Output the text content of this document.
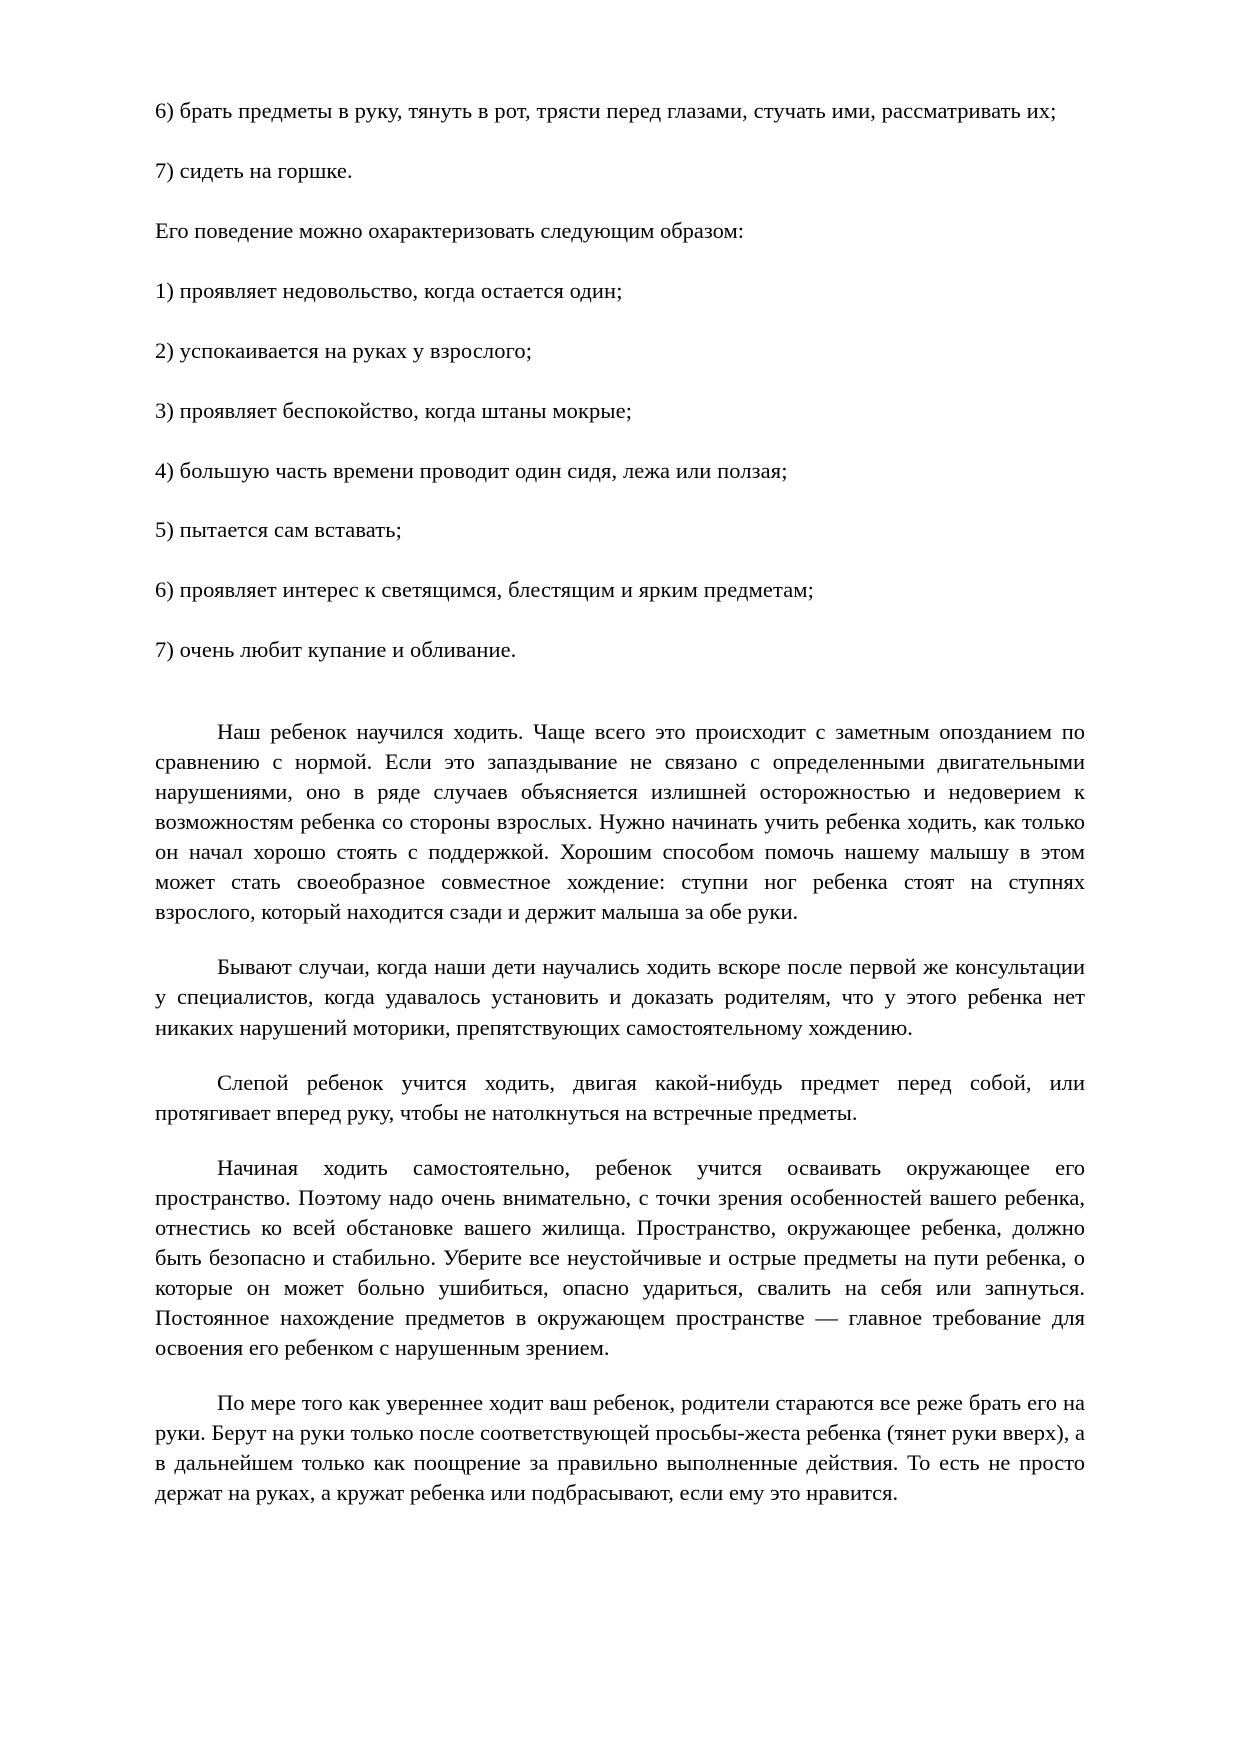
6) брать предметы в руку, тянуть в рот, трясти перед глазами, стучать ими, рассматривать их;

7) сидеть на горшке.

Его поведение можно охарактеризовать следующим образом:

1) проявляет недовольство, когда остается один;

2) успокаивается на руках у взрослого;

3) проявляет беспокойство, когда штаны мокрые;

4) большую часть времени проводит один сидя, лежа или ползая;

5) пытается сам вставать;

6) проявляет интерес к светящимся, блестящим и ярким предметам;

7) очень любит купание и обливание.

Наш ребенок научился ходить. Чаще всего это происходит с заметным опозданием по сравнению с нормой. Если это запаздывание не связано с определенными двигательными нарушениями, оно в ряде случаев объясняется излишней осторожностью и недоверием к возможностям ребенка со стороны взрослых. Нужно начинать учить ребенка ходить, как только он начал хорошо стоять с поддержкой. Хорошим способом помочь нашему малышу в этом может стать своеобразное совместное хождение: ступни ног ребенка стоят на ступнях взрослого, который находится сзади и держит малыша за обе руки.

Бывают случаи, когда наши дети научались ходить вскоре после первой же консультации у специалистов, когда удавалось установить и доказать родителям, что у этого ребенка нет никаких нарушений моторики, препятствующих самостоятельному хождению.

Слепой ребенок учится ходить, двигая какой-нибудь предмет перед собой, или протягивает вперед руку, чтобы не натолкнуться на встречные предметы.

Начиная ходить самостоятельно, ребенок учится осваивать окружающее его пространство. Поэтому надо очень внимательно, с точки зрения особенностей вашего ребенка, отнестись ко всей обстановке вашего жилища. Пространство, окружающее ребенка, должно быть безопасно и стабильно. Уберите все неустойчивые и острые предметы на пути ребенка, о которые он может больно ушибиться, опасно удариться, свалить на себя или запнуться. Постоянное нахождение предметов в окружающем пространстве — главное требование для освоения его ребенком с нарушенным зрением.

По мере того как увереннее ходит ваш ребенок, родители стараются все реже брать его на руки. Берут на руки только после соответствующей просьбы-жеста ребенка (тянет руки вверх), а в дальнейшем только как поощрение за правильно выполненные действия. То есть не просто держат на руках, а кружат ребенка или подбрасывают, если ему это нравится.
